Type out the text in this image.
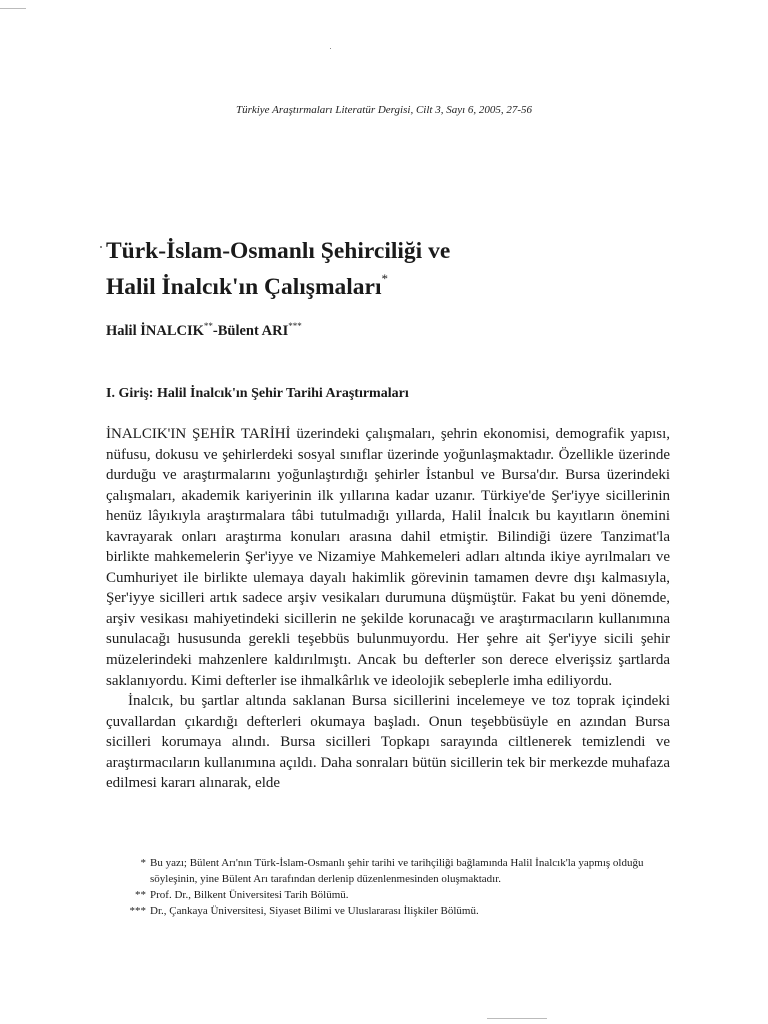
Türkiye Araştırmaları Literatür Dergisi, Cilt 3, Sayı 6, 2005, 27-56
Türk-İslam-Osmanlı Şehirciliği ve
Halil İnalcık'ın Çalışmaları*
Halil İNALCIK**-Bülent ARI***
I. Giriş: Halil İnalcık'ın Şehir Tarihi Araştırmaları

İNALCIK'IN ŞEHİR TARİHİ üzerindeki çalışmaları, şehrin ekonomisi, demografik yapısı, nüfusu, dokusu ve şehirlerdeki sosyal sınıflar üzerinde yoğunlaşmaktadır. Özellikle üzerinde durduğu ve araştırmalarını yoğunlaştırdığı şehirler İstanbul ve Bursa'dır. Bursa üzerindeki çalışmaları, akademik kariyerinin ilk yıllarına kadar uzanır. Türkiye'de Şer'iyye sicillerinin henüz lâyıkıyla araştırmalara tâbi tutulmadığı yıllarda, Halil İnalcık bu kayıtların önemini kavrayarak onları araştırma konuları arasına dahil etmiştir. Bilindiği üzere Tanzimat'la birlikte mahkemelerin Şer'iyye ve Nizamiye Mahkemeleri adları altında ikiye ayrılmaları ve Cumhuriyet ile birlikte ulemaya dayalı hakimlik görevinin tamamen devre dışı kalmasıyla, Şer'iyye sicilleri artık sadece arşiv vesikaları durumuna düşmüştür. Fakat bu yeni dönemde, arşiv vesikası mahiyetindeki sicillerin ne şekilde korunacağı ve araştırmacıların kullanımına sunulacağı hususunda gerekli teşebbüs bulunmuyordu. Her şehre ait Şer'iyye sicili şehir müzelerindeki mahzenlere kaldırılmıştı. Ancak bu defterler son derece elverişsiz şartlarda saklanıyordu. Kimi defterler ise ihmalkârlık ve ideolojik sebeplerle imha ediliyordu.

İnalcık, bu şartlar altında saklanan Bursa sicillerini incelemeye ve toz toprak içindeki çuvallardan çıkardığı defterleri okumaya başladı. Onun teşebbüsüyle en azından Bursa sicilleri korumaya alındı. Bursa sicilleri Topkapı sarayında ciltlenerek temizlendi ve araştırmacıların kullanımına açıldı. Daha sonraları bütün sicillerin tek bir merkezde muhafaza edilmesi kararı alınarak, elde

* Bu yazı; Bülent Arı'nın Türk-İslam-Osmanlı şehir tarihi ve tarihçiliği bağlamında Halil İnalcık'la yapmış olduğu söyleşinin, yine Bülent Arı tarafından derlenip düzenlenmesinden oluşmaktadır.
** Prof. Dr., Bilkent Üniversitesi Tarih Bölümü.
*** Dr., Çankaya Üniversitesi, Siyaset Bilimi ve Uluslararası İlişkiler Bölümü.
